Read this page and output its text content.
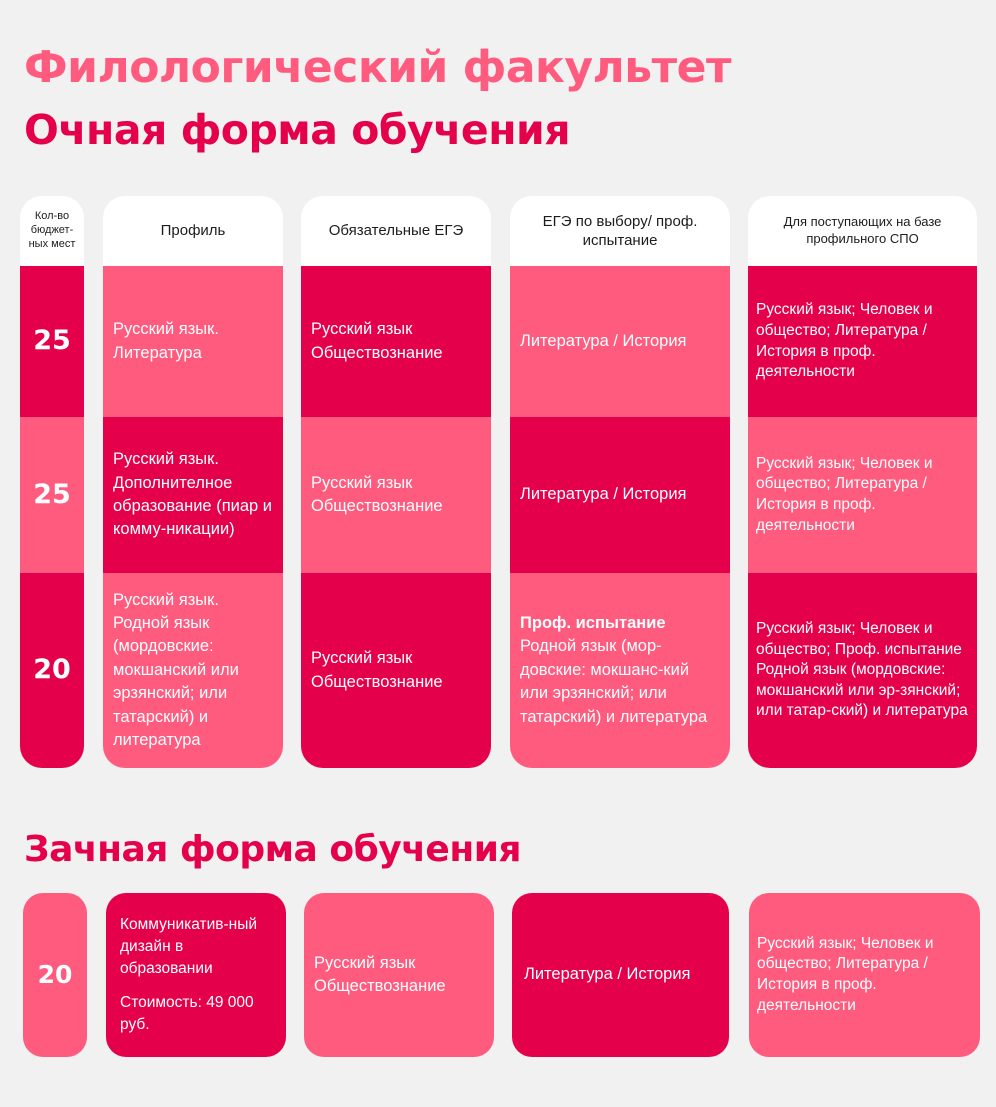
Филологический факультет
Очная форма обучения
Кол-во бюджет-ных мест
25
25
20
Профиль
Русский язык. Литература
Русский язык. Дополнителное образование (пиар и комму-никации)
Русский язык. Родной язык (мордовские: мокшанский или эрзянский; или татарский) и литература
Обязательные ЕГЭ
Русский язык Обществознание
Русский язык Обществознание
Русский язык Обществознание
ЕГЭ по выбору/ проф. испытание
Литература / История
Литература / История
Проф. испытание
Родной язык (мор-довские: мокшанс-кий или эрзянский; или татарский) и литература
Для поступающих на базе профильного СПО
Русский язык; Человек и общество; Литература / История в проф. деятельности
Русский язык; Человек и общество; Литература / История в проф. деятельности
Русский язык; Человек и общество; Проф. испытание Родной язык (мордовские: мокшанский или эр-зянский; или татар-ский) и литература
Зачная форма обучения
20
Коммуникатив-ный дизайн в образовании
Стоимость: 49 000 руб.
Русский язык Обществознание
Литература / История
Русский язык; Человек и общество; Литература / История в проф. деятельности
